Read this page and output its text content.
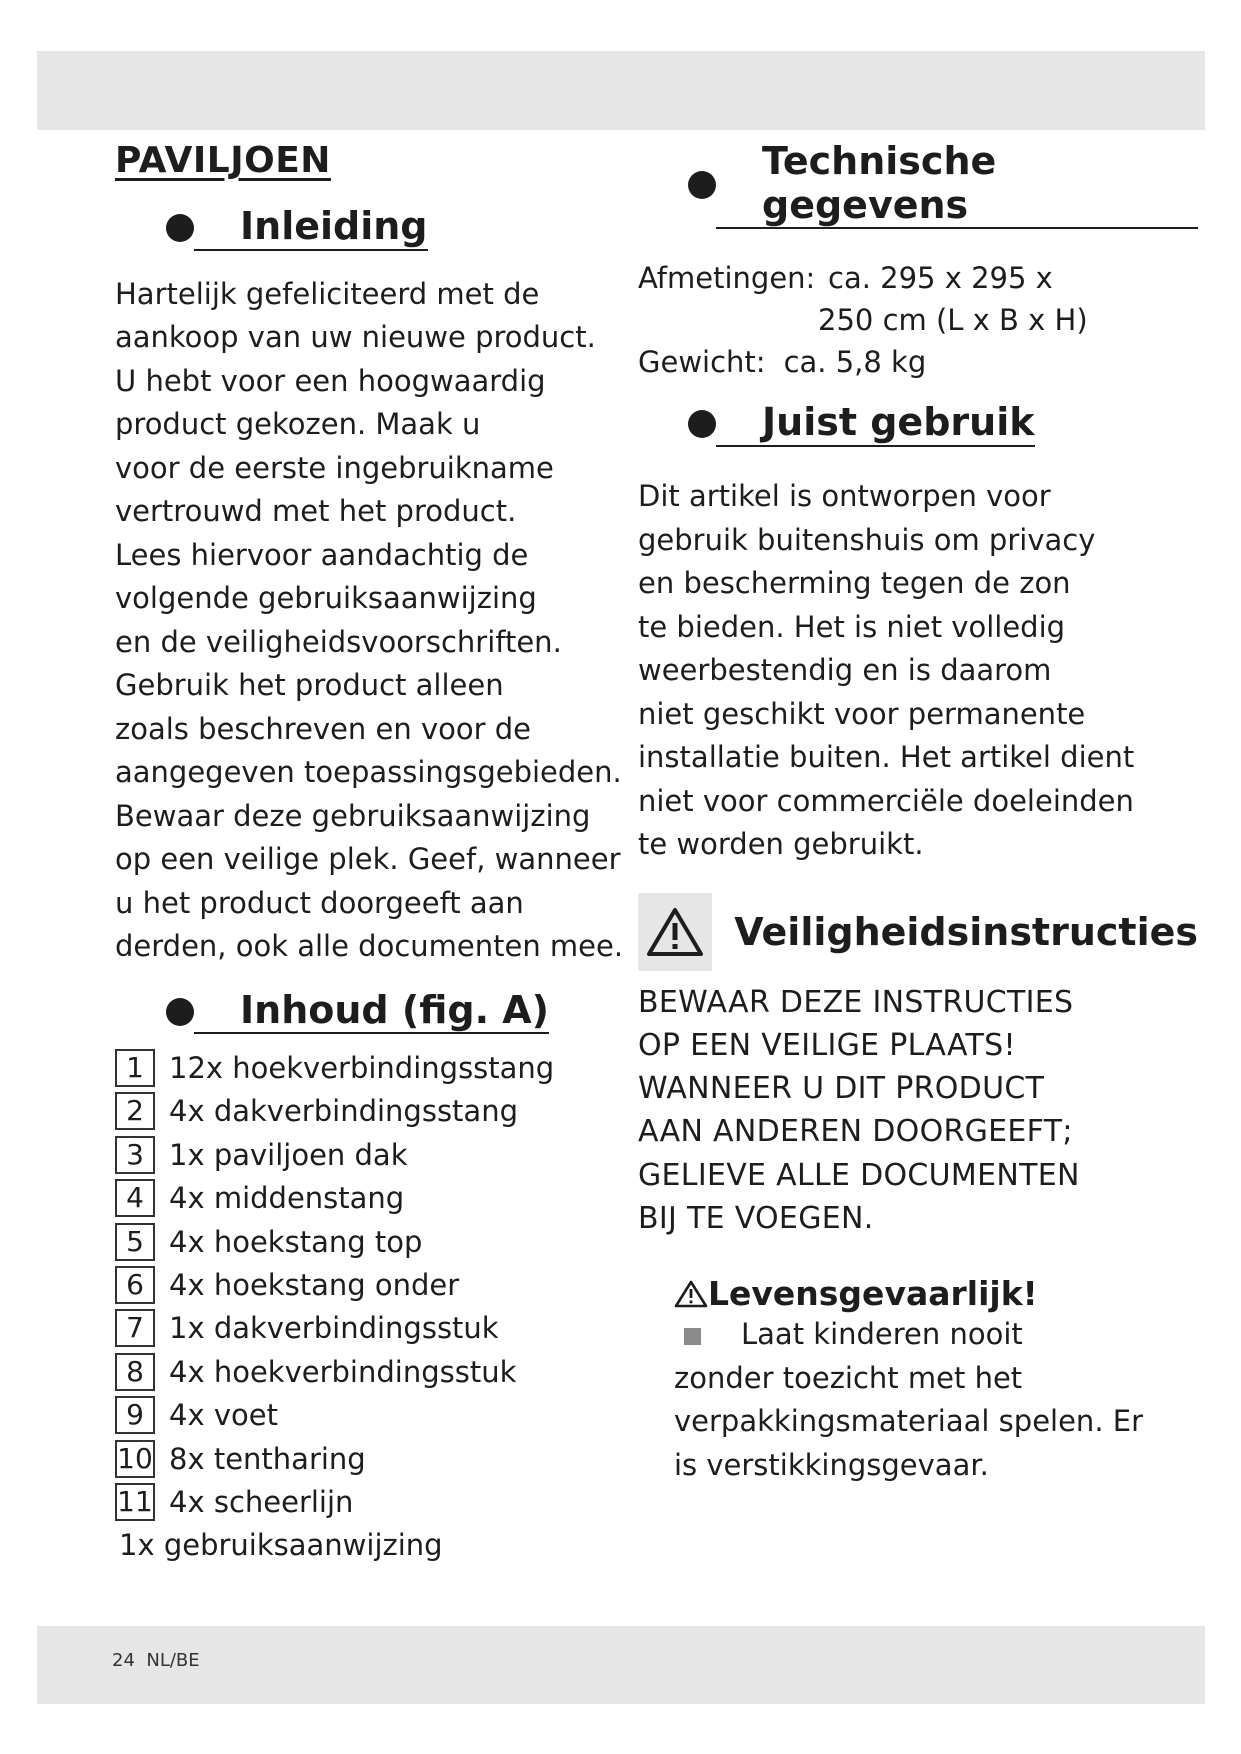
PAVILJOEN
Inleiding

Hartelijk gefeliciteerd met de
aankoop van uw nieuwe product.
U hebt voor een hoogwaardig
product gekozen. Maak u
voor de eerste ingebruikname
vertrouwd met het product.
Lees hiervoor aandachtig de
volgende gebruiksaanwijzing
en de veiligheidsvoorschriften.
Gebruik het product alleen
zoals beschreven en voor de
aangegeven toepassingsgebieden.
Bewaar deze gebruiksaanwijzing
op een veilige plek. Geef, wanneer
u het product doorgeeft aan
derden, ook alle documenten mee.

Inhoud (fig. A)
1 12x hoekverbindingsstang
2 4x dakverbindingsstang
3 1x paviljoen dak
4 4x middenstang
5 4x hoekstang top
6 4x hoekstang onder
7 1x dakverbindingsstuk
8 4x hoekverbindingsstuk
9 4x voet
10 8x tentharing
11 4x scheerlijn

1x gebruiksaanwijzing

Technische gegevens
Afmetingen: ca. 295 x 295 x
250 cm (L x B x H)
Gewicht: ca. 5,8 kg
Juist gebruik

Dit artikel is ontworpen voor
gebruik buitenshuis om privacy
en bescherming tegen de zon
te bieden. Het is niet volledig
weerbestendig en is daarom
niet geschikt voor permanente
installatie buiten. Het artikel dient
niet voor commerciële doeleinden
te worden gebruikt.

Veiligheidsinstructies

BEWAAR DEZE INSTRUCTIES
OP EEN VEILIGE PLAATS!
WANNEER U DIT PRODUCT
AAN ANDEREN DOORGEEFT;
GELIEVE ALLE DOCUMENTEN
BIJ TE VOEGEN.

Levensgevaarlijk!

Laat kinderen nooit

zonder toezicht met het

verpakkingsmateriaal spelen. Er

is verstikkingsgevaar.

24 NL/BE
